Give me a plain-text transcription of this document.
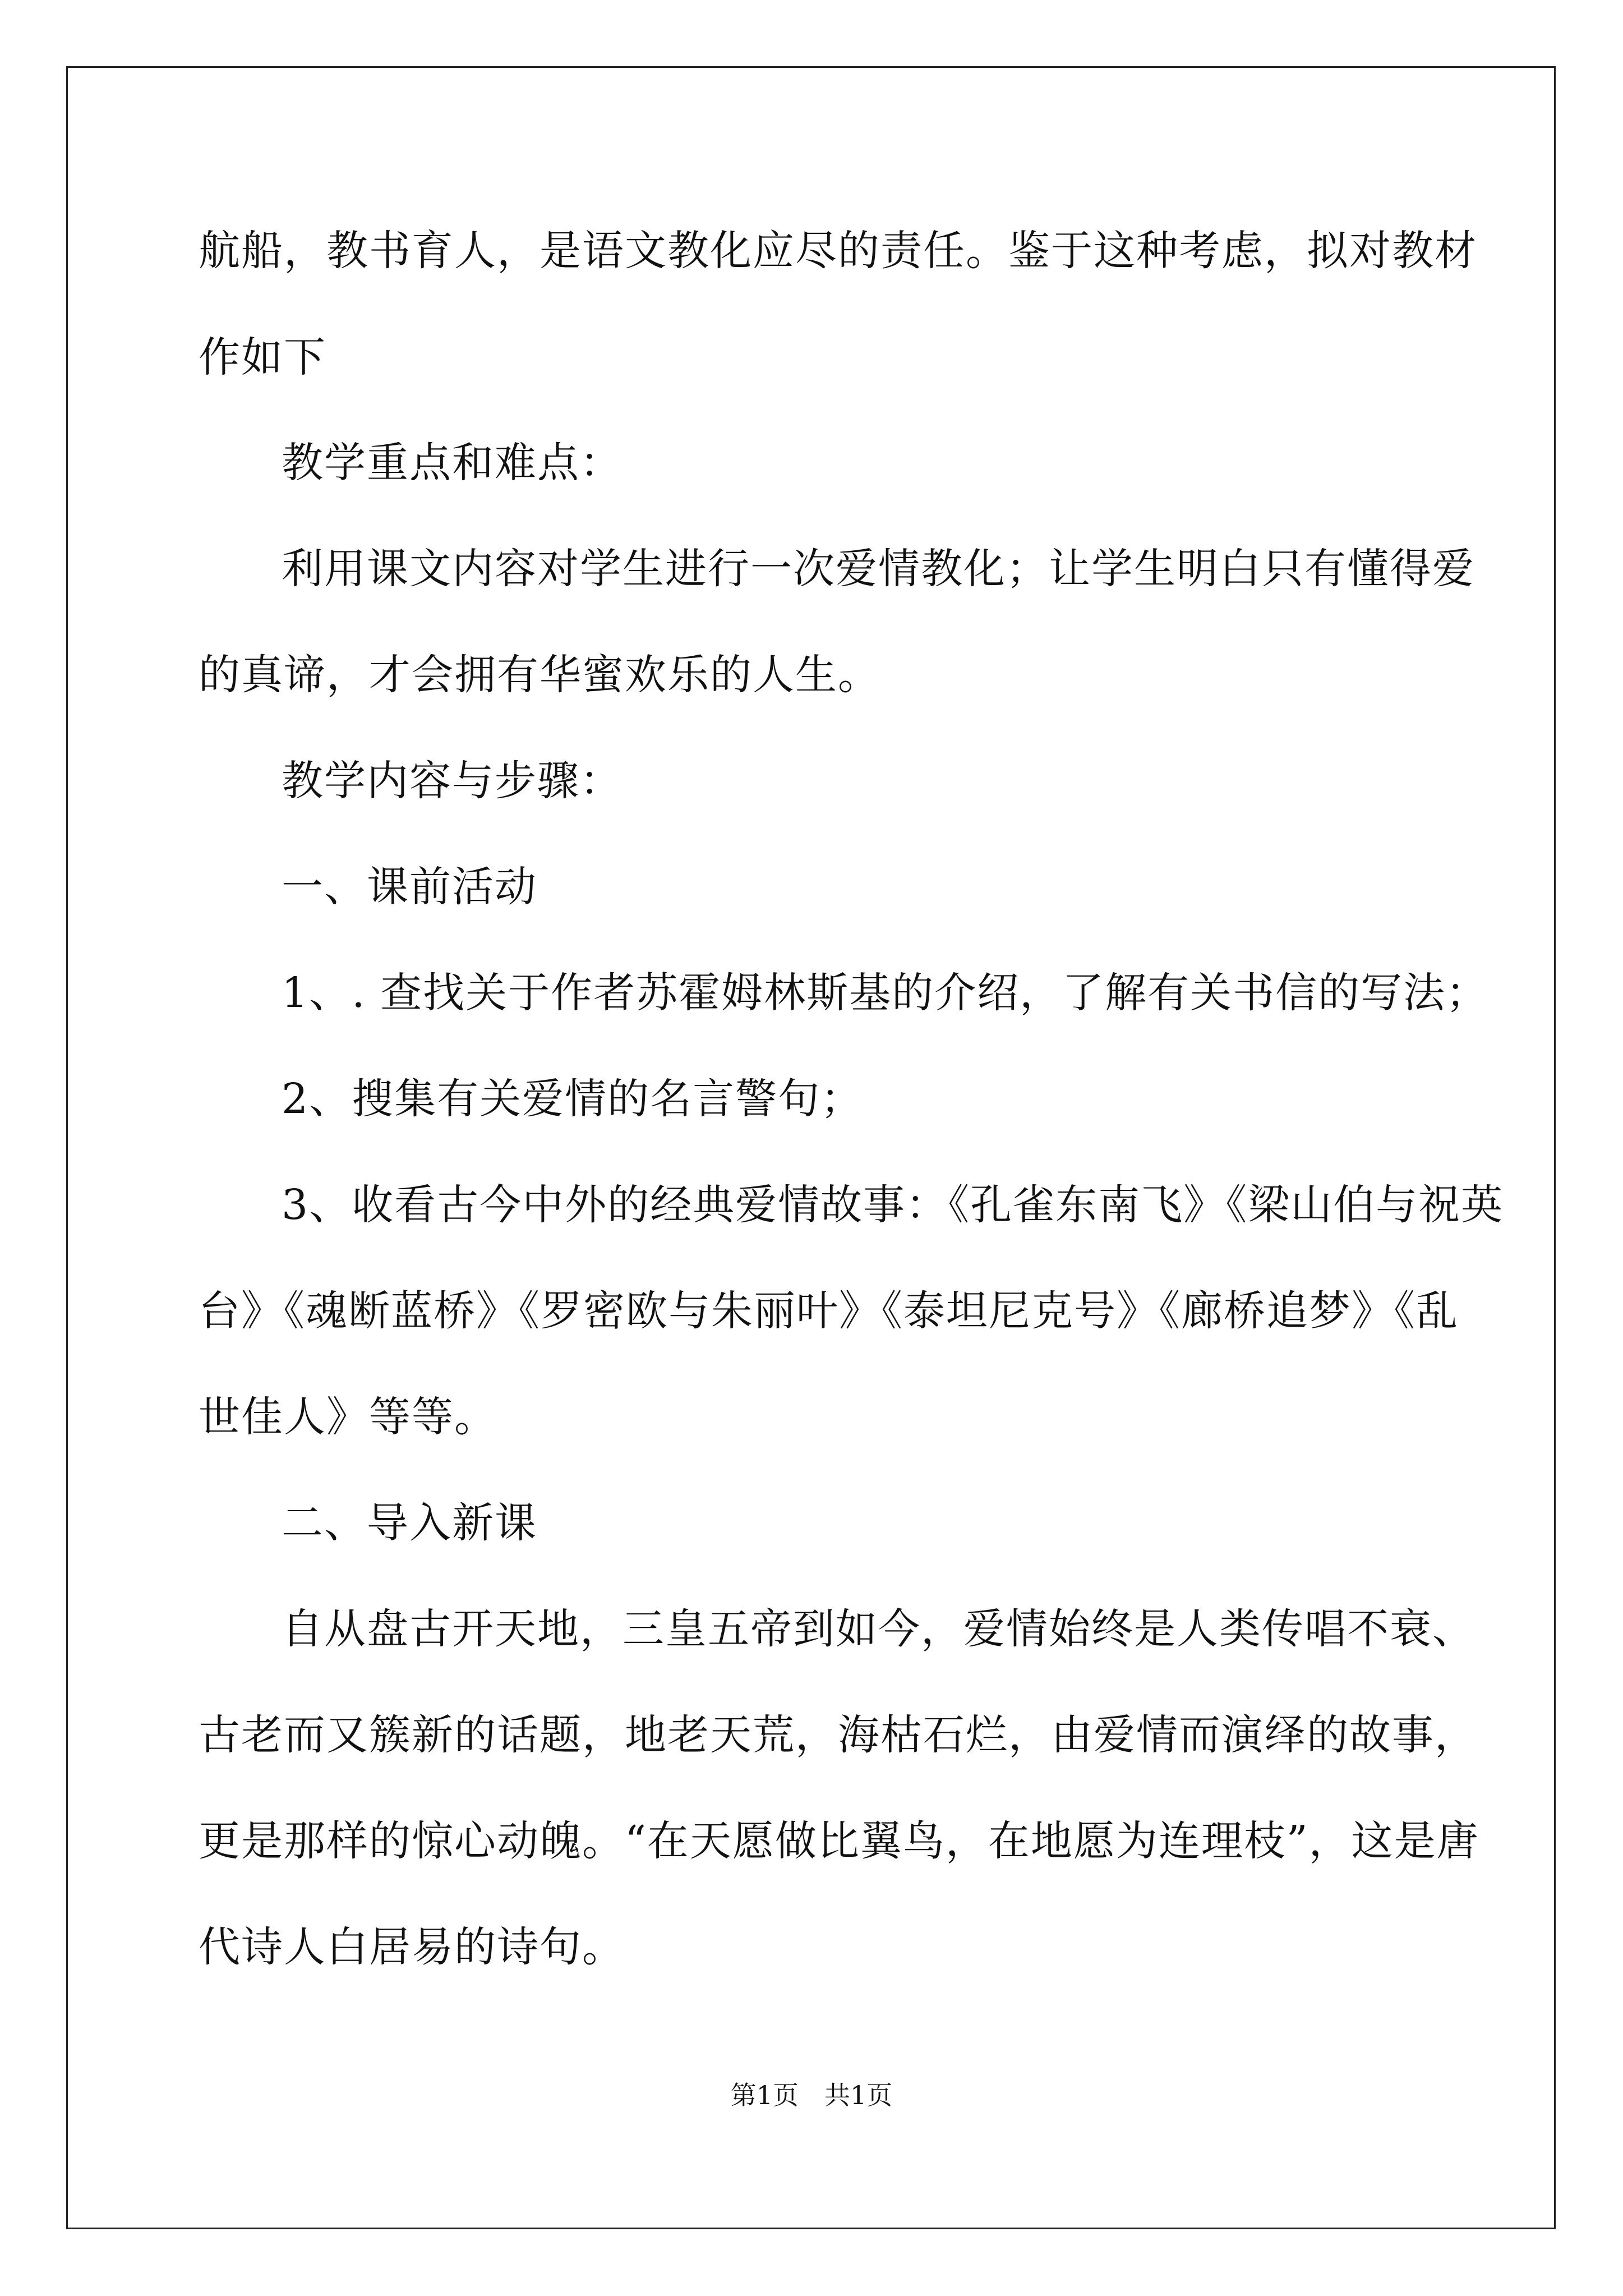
航船，教书育人，是语文教化应尽的责任。鉴于这种考虑，拟对教材
作如下
教学重点和难点：
利用课文内容对学生进行一次爱情教化；让学生明白只有懂得爱
的真谛，才会拥有华蜜欢乐的人生。
教学内容与步骤：
一、课前活动
1、. 查找关于作者苏霍姆林斯基的介绍，了解有关书信的写法；
2、搜集有关爱情的名言警句；
3、收看古今中外的经典爱情故事：《孔雀东南飞》《梁山伯与祝英
台》《魂断蓝桥》《罗密欧与朱丽叶》《泰坦尼克号》《廊桥追梦》《乱
世佳人》等等。
二、导入新课
自从盘古开天地，三皇五帝到如今，爱情始终是人类传唱不衰、
古老而又簇新的话题，地老天荒，海枯石烂，由爱情而演绎的故事，
更是那样的惊心动魄。“在天愿做比翼鸟，在地愿为连理枝”，这是唐
代诗人白居易的诗句。
第1页 共1页
